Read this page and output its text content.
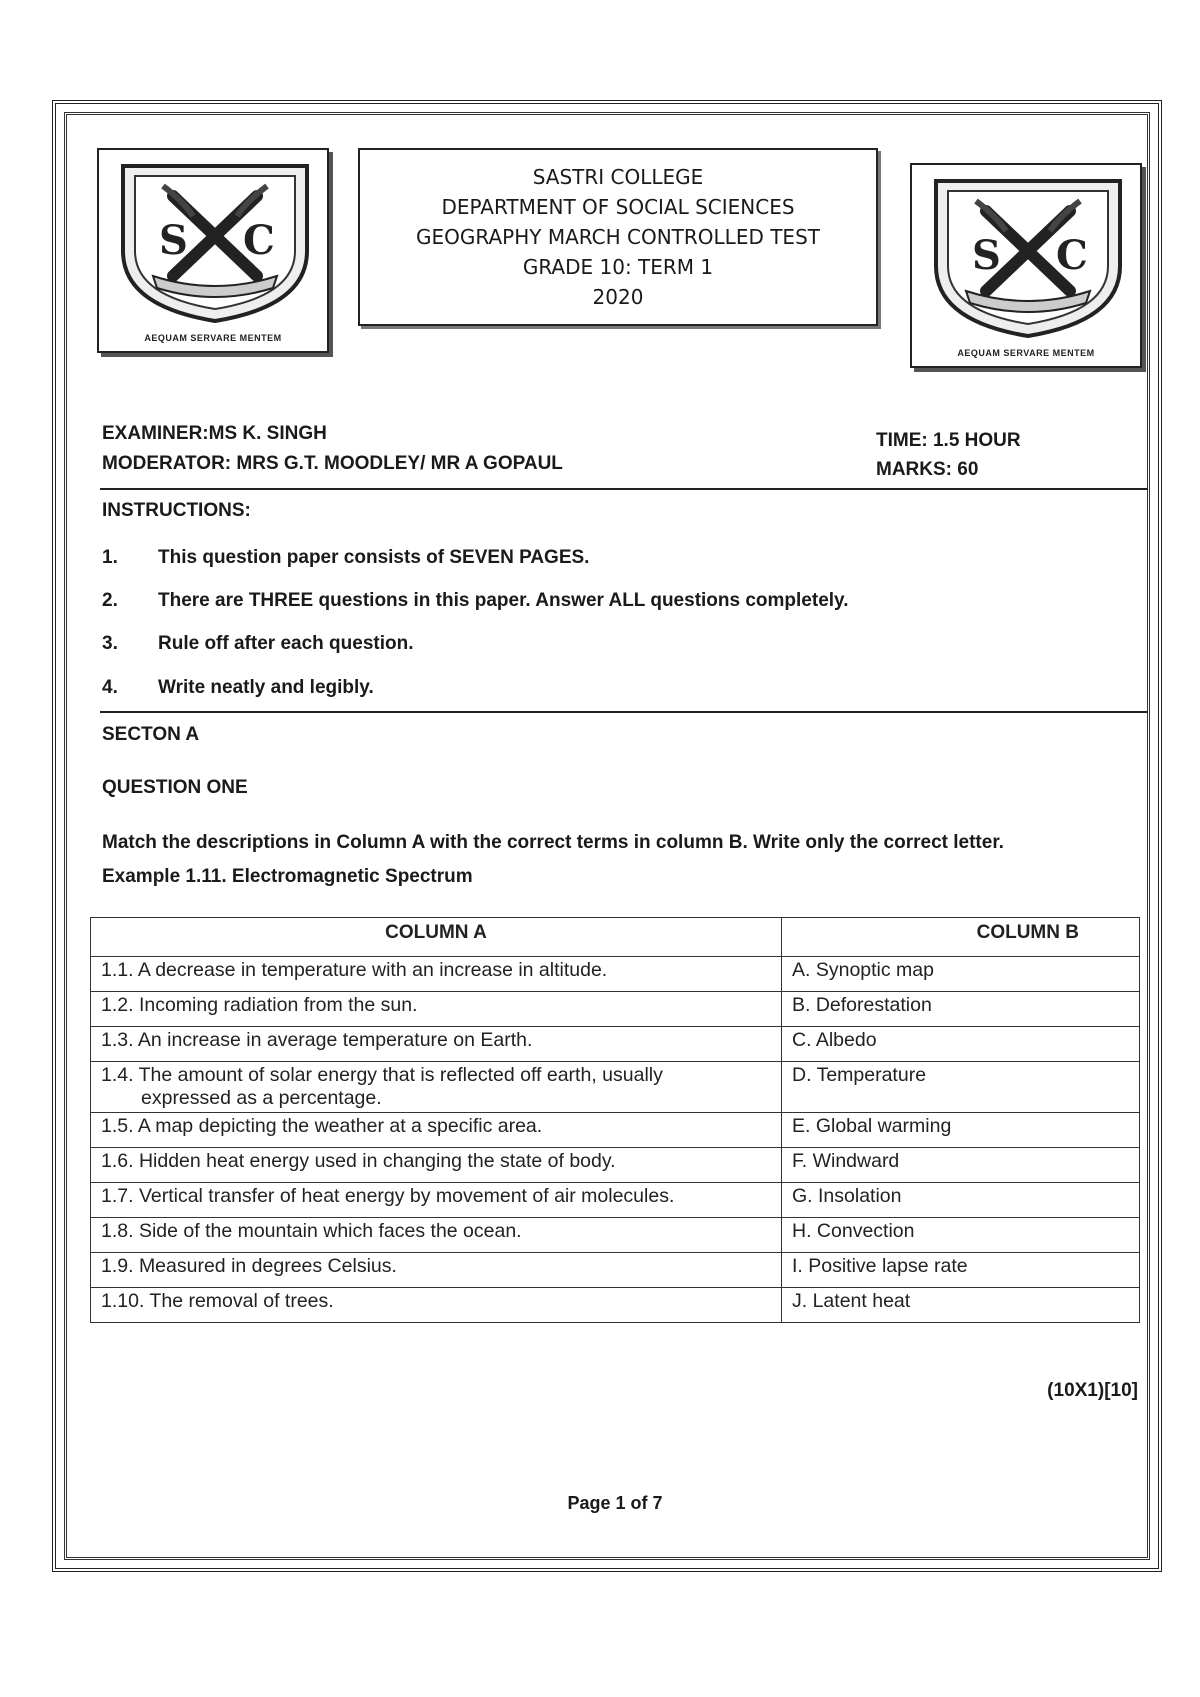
S C
AEQUAM SERVARE MENTEM
SASTRI COLLEGE
DEPARTMENT OF SOCIAL SCIENCES
GEOGRAPHY MARCH CONTROLLED TEST
GRADE 10: TERM 1
2020
S C
AEQUAM SERVARE MENTEM
EXAMINER:MS K. SINGH
MODERATOR: MRS G.T. MOODLEY/ MR A GOPAUL
TIME: 1.5 HOUR
MARKS: 60
INSTRUCTIONS:
1. This question paper consists of SEVEN PAGES.
2. There are THREE questions in this paper. Answer ALL questions completely.
3. Rule off after each question.
4. Write neatly and legibly.
SECTON A
QUESTION ONE
Match the descriptions in Column A with the correct terms in column B. Write only the correct letter.
Example 1.11. Electromagnetic Spectrum
COLUMN A	COLUMN B
1.1. A decrease in temperature with an increase in altitude.	A. Synoptic map
1.2. Incoming radiation from the sun.	B. Deforestation
1.3. An increase in average temperature on Earth.	C. Albedo
1.4. The amount of solar energy that is reflected off earth, usually
expressed as a percentage.	D. Temperature
1.5. A map depicting the weather at a specific area.	E. Global warming
1.6. Hidden heat energy used in changing the state of body.	F. Windward
1.7. Vertical transfer of heat energy by movement of air molecules.	G. Insolation
1.8. Side of the mountain which faces the ocean.	H. Convection
1.9. Measured in degrees Celsius.	I. Positive lapse rate
1.10. The removal of trees.	J. Latent heat
(10X1)[10]
Page 1 of 7
